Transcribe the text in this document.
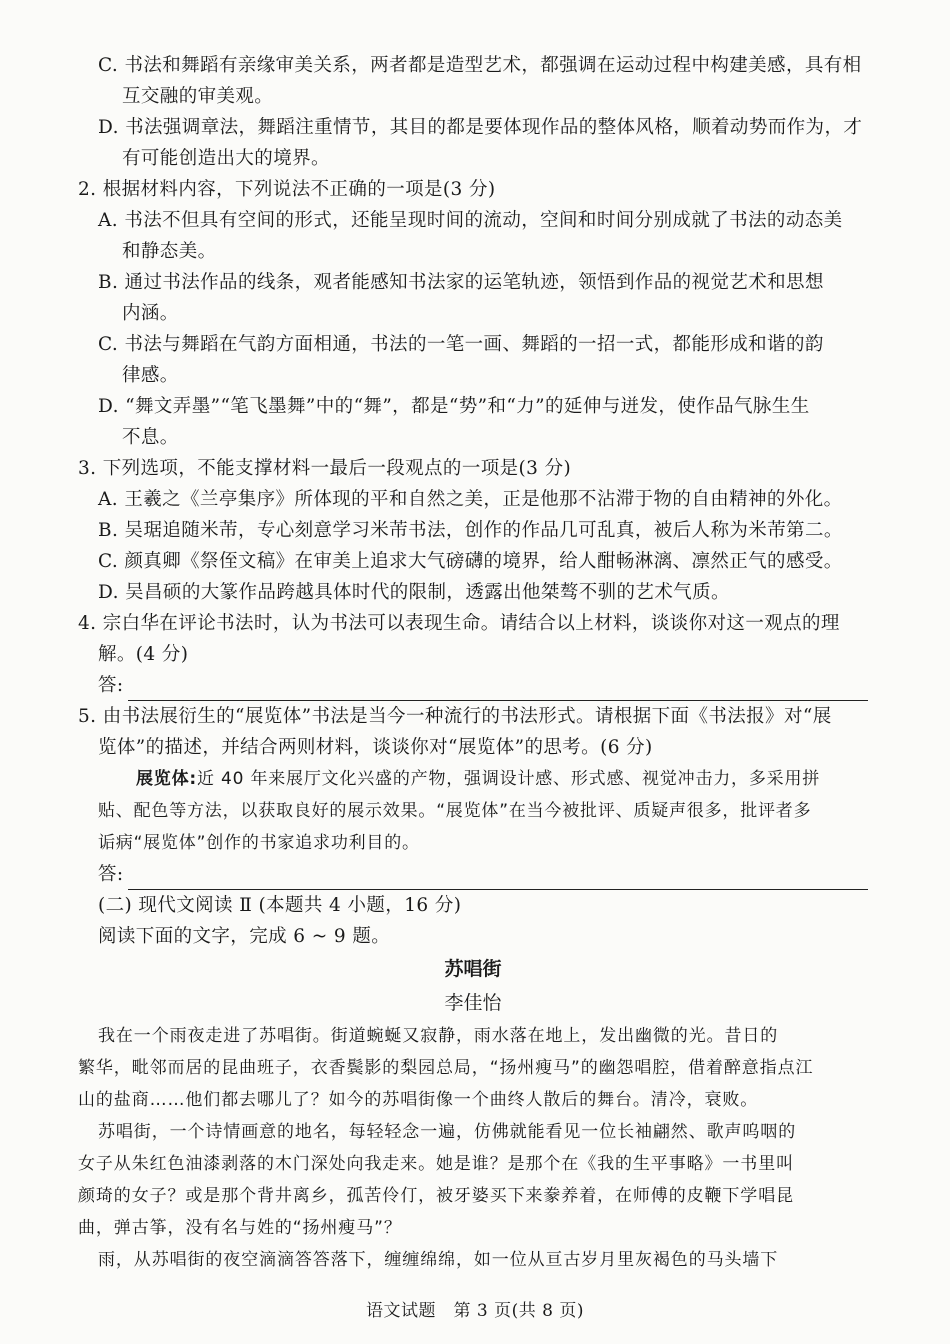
C. 书法和舞蹈有亲缘审美关系，两者都是造型艺术，都强调在运动过程中构建美感，具有相
互交融的审美观。
D. 书法强调章法，舞蹈注重情节，其目的都是要体现作品的整体风格，顺着动势而作为，才
有可能创造出大的境界。
2. 根据材料内容，下列说法不正确的一项是(3 分)
A. 书法不但具有空间的形式，还能呈现时间的流动，空间和时间分别成就了书法的动态美
和静态美。
B. 通过书法作品的线条，观者能感知书法家的运笔轨迹，领悟到作品的视觉艺术和思想
内涵。
C. 书法与舞蹈在气韵方面相通，书法的一笔一画、舞蹈的一招一式，都能形成和谐的韵
律感。
D. “舞文弄墨”“笔飞墨舞”中的“舞”，都是“势”和“力”的延伸与迸发，使作品气脉生生
不息。
3. 下列选项，不能支撑材料一最后一段观点的一项是(3 分)
A. 王羲之《兰亭集序》所体现的平和自然之美，正是他那不沾滞于物的自由精神的外化。
B. 吴琚追随米芾，专心刻意学习米芾书法，创作的作品几可乱真，被后人称为米芾第二。
C. 颜真卿《祭侄文稿》在审美上追求大气磅礴的境界，给人酣畅淋漓、凛然正气的感受。
D. 吴昌硕的大篆作品跨越具体时代的限制，透露出他桀骜不驯的艺术气质。
4. 宗白华在评论书法时，认为书法可以表现生命。请结合以上材料，谈谈你对这一观点的理
解。(4 分)
答:
5. 由书法展衍生的“展览体”书法是当今一种流行的书法形式。请根据下面《书法报》对“展
览体”的描述，并结合两则材料，谈谈你对“展览体”的思考。(6 分)
展览体:近 40 年来展厅文化兴盛的产物，强调设计感、形式感、视觉冲击力，多采用拼
贴、配色等方法，以获取良好的展示效果。“展览体”在当今被批评、质疑声很多，批评者多
诟病“展览体”创作的书家追求功利目的。
答:
(二) 现代文阅读 Ⅱ (本题共 4 小题，16 分)
阅读下面的文字，完成 6 ~ 9 题。
苏唱街
李佳怡
我在一个雨夜走进了苏唱街。街道蜿蜒又寂静，雨水落在地上，发出幽微的光。昔日的
繁华，毗邻而居的昆曲班子，衣香鬓影的梨园总局，“扬州瘦马”的幽怨唱腔，借着醉意指点江
山的盐商……他们都去哪儿了？如今的苏唱街像一个曲终人散后的舞台。清冷，衰败。
苏唱街，一个诗情画意的地名，每轻轻念一遍，仿佛就能看见一位长袖翩然、歌声呜咽的
女子从朱红色油漆剥落的木门深处向我走来。她是谁？是那个在《我的生平事略》一书里叫
颜琦的女子？或是那个背井离乡，孤苦伶仃，被牙婆买下来豢养着，在师傅的皮鞭下学唱昆
曲，弹古筝，没有名与姓的“扬州瘦马”？
雨，从苏唱街的夜空滴滴答答落下，缠缠绵绵，如一位从亘古岁月里灰褐色的马头墙下
语文试题　第 3 页(共 8 页)
